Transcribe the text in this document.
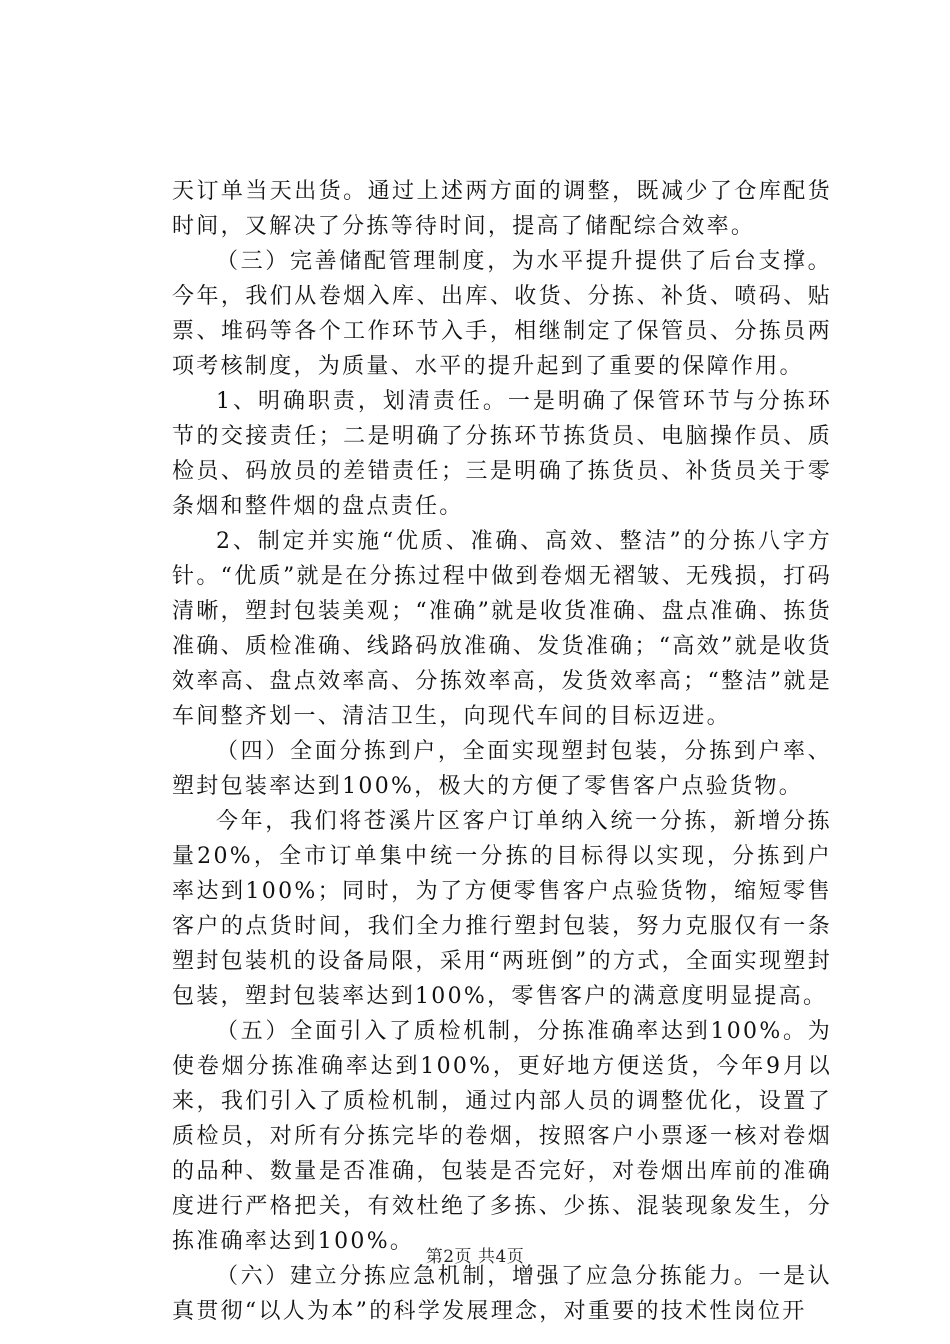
天订单当天出货。通过上述两方面的调整，既减少了仓库配货时间，又解决了分拣等待时间，提高了储配综合效率。

（三）完善储配管理制度，为水平提升提供了后台支撑。今年，我们从卷烟入库、出库、收货、分拣、补货、喷码、贴票、堆码等各个工作环节入手，相继制定了保管员、分拣员两项考核制度，为质量、水平的提升起到了重要的保障作用。

1、明确职责，划清责任。一是明确了保管环节与分拣环节的交接责任；二是明确了分拣环节拣货员、电脑操作员、质检员、码放员的差错责任；三是明确了拣货员、补货员关于零条烟和整件烟的盘点责任。

2、制定并实施“优质、准确、高效、整洁”的分拣八字方针。“优质”就是在分拣过程中做到卷烟无褶皱、无残损，打码清晰，塑封包装美观；“准确”就是收货准确、盘点准确、拣货准确、质检准确、线路码放准确、发货准确；“高效”就是收货效率高、盘点效率高、分拣效率高，发货效率高；“整洁”就是车间整齐划一、清洁卫生，向现代车间的目标迈进。

（四）全面分拣到户，全面实现塑封包装，分拣到户率、塑封包装率达到100%，极大的方便了零售客户点验货物。

今年，我们将苍溪片区客户订单纳入统一分拣，新增分拣量20%，全市订单集中统一分拣的目标得以实现，分拣到户率达到100%；同时，为了方便零售客户点验货物，缩短零售客户的点货时间，我们全力推行塑封包装，努力克服仅有一条塑封包装机的设备局限，采用“两班倒”的方式，全面实现塑封包装，塑封包装率达到100%，零售客户的满意度明显提高。

（五）全面引入了质检机制，分拣准确率达到100%。为使卷烟分拣准确率达到100%，更好地方便送货，今年9月以来，我们引入了质检机制，通过内部人员的调整优化，设置了质检员，对所有分拣完毕的卷烟，按照客户小票逐一核对卷烟的品种、数量是否准确，包装是否完好，对卷烟出库前的准确度进行严格把关，有效杜绝了多拣、少拣、混装现象发生，分拣准确率达到100%。

（六）建立分拣应急机制，增强了应急分拣能力。一是认真贯彻“以人为本”的科学发展理念，对重要的技术性岗位开

第2页 共4页
